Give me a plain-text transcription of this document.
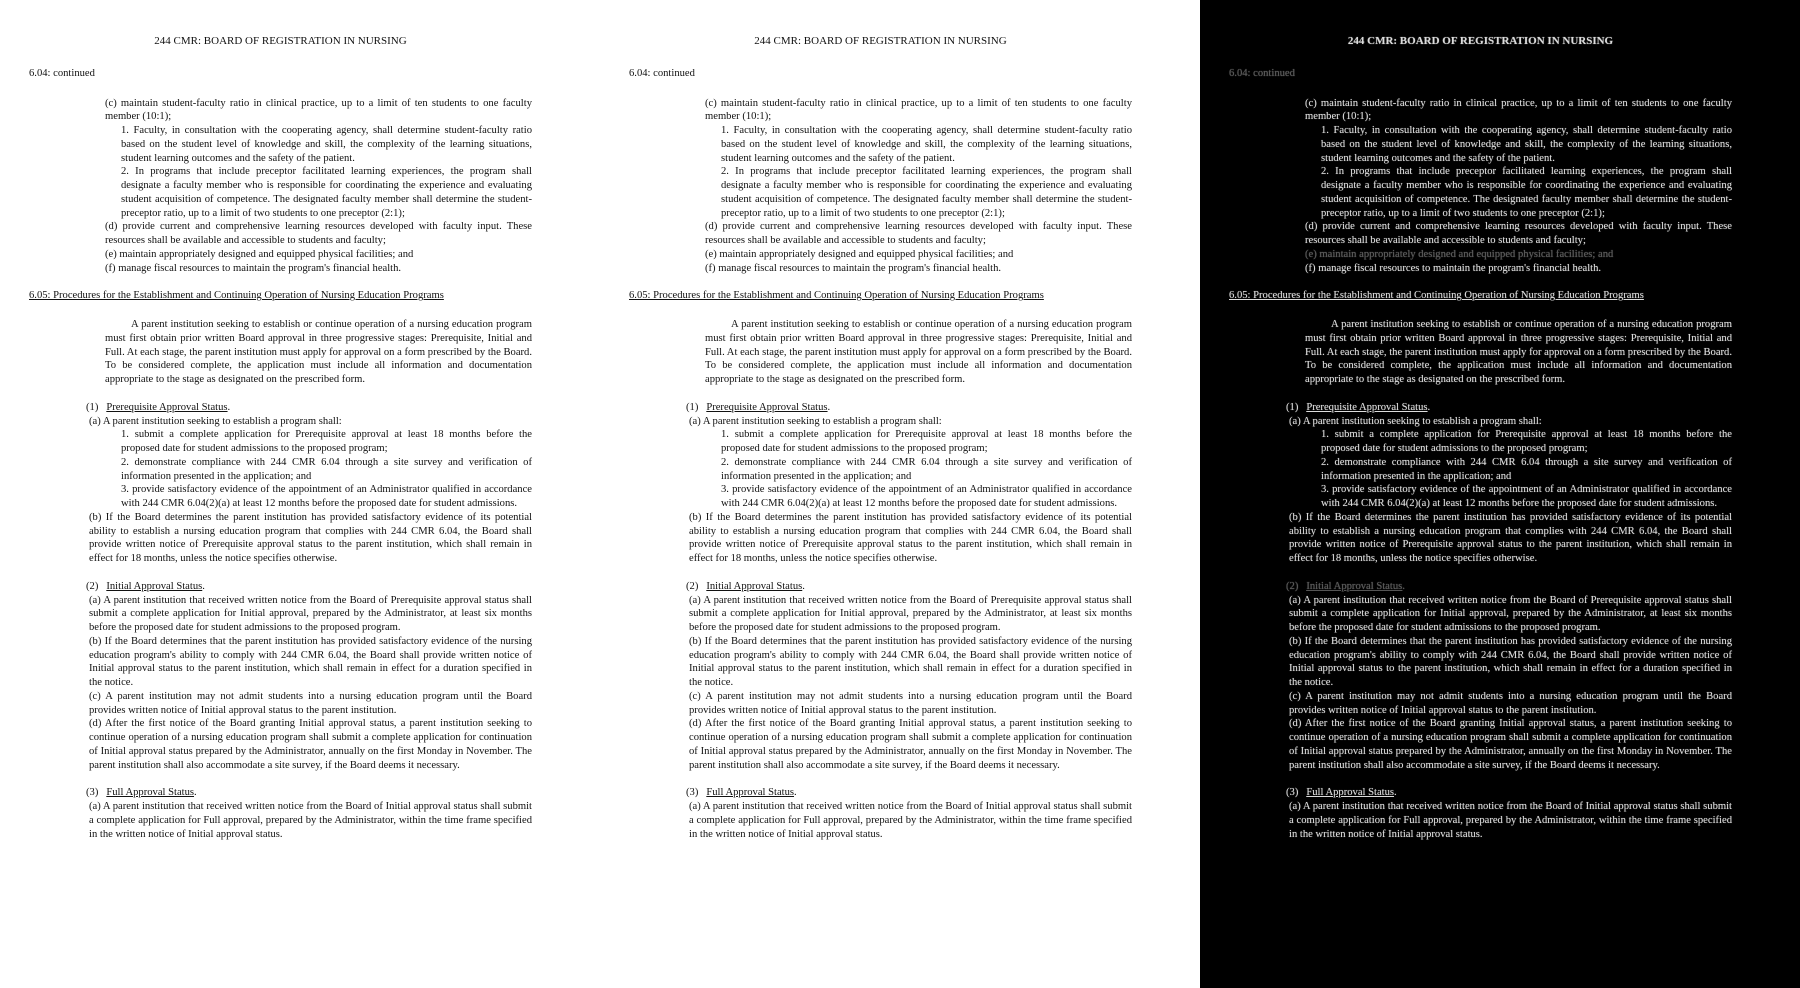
244 CMR: BOARD OF REGISTRATION IN NURSING
6.04: continued
(c) maintain student-faculty ratio in clinical practice, up to a limit of ten students to one faculty member (10:1);
1. Faculty, in consultation with the cooperating agency, shall determine student-faculty ratio based on the student level of knowledge and skill, the complexity of the learning situations, student learning outcomes and the safety of the patient.
2. In programs that include preceptor facilitated learning experiences, the program shall designate a faculty member who is responsible for coordinating the experience and evaluating student acquisition of competence. The designated faculty member shall determine the student-preceptor ratio, up to a limit of two students to one preceptor (2:1);
(d) provide current and comprehensive learning resources developed with faculty input. These resources shall be available and accessible to students and faculty;
(e) maintain appropriately designed and equipped physical facilities; and
(f) manage fiscal resources to maintain the program's financial health.
6.05: Procedures for the Establishment and Continuing Operation of Nursing Education Programs
A parent institution seeking to establish or continue operation of a nursing education program must first obtain prior written Board approval in three progressive stages: Prerequisite, Initial and Full. At each stage, the parent institution must apply for approval on a form prescribed by the Board. To be considered complete, the application must include all information and documentation appropriate to the stage as designated on the prescribed form.
(1) Prerequisite Approval Status.
(a) A parent institution seeking to establish a program shall:
1. submit a complete application for Prerequisite approval at least 18 months before the proposed date for student admissions to the proposed program;
2. demonstrate compliance with 244 CMR 6.04 through a site survey and verification of information presented in the application; and
3. provide satisfactory evidence of the appointment of an Administrator qualified in accordance with 244 CMR 6.04(2)(a) at least 12 months before the proposed date for student admissions.
(b) If the Board determines the parent institution has provided satisfactory evidence of its potential ability to establish a nursing education program that complies with 244 CMR 6.04, the Board shall provide written notice of Prerequisite approval status to the parent institution, which shall remain in effect for 18 months, unless the notice specifies otherwise.
(2) Initial Approval Status.
(a) A parent institution that received written notice from the Board of Prerequisite approval status shall submit a complete application for Initial approval, prepared by the Administrator, at least six months before the proposed date for student admissions to the proposed program.
(b) If the Board determines that the parent institution has provided satisfactory evidence of the nursing education program's ability to comply with 244 CMR 6.04, the Board shall provide written notice of Initial approval status to the parent institution, which shall remain in effect for a duration specified in the notice.
(c) A parent institution may not admit students into a nursing education program until the Board provides written notice of Initial approval status to the parent institution.
(d) After the first notice of the Board granting Initial approval status, a parent institution seeking to continue operation of a nursing education program shall submit a complete application for continuation of Initial approval status prepared by the Administrator, annually on the first Monday in November. The parent institution shall also accommodate a site survey, if the Board deems it necessary.
(3) Full Approval Status.
(a) A parent institution that received written notice from the Board of Initial approval status shall submit a complete application for Full approval, prepared by the Administrator, within the time frame specified in the written notice of Initial approval status.
244 CMR: BOARD OF REGISTRATION IN NURSING
6.04: continued
(c) maintain student-faculty ratio in clinical practice, up to a limit of ten students to one faculty member (10:1);
1. Faculty, in consultation with the cooperating agency, shall determine student-faculty ratio based on the student level of knowledge and skill, the complexity of the learning situations, student learning outcomes and the safety of the patient.
2. In programs that include preceptor facilitated learning experiences, the program shall designate a faculty member who is responsible for coordinating the experience and evaluating student acquisition of competence. The designated faculty member shall determine the student-preceptor ratio, up to a limit of two students to one preceptor (2:1);
(d) provide current and comprehensive learning resources developed with faculty input. These resources shall be available and accessible to students and faculty;
(e) maintain appropriately designed and equipped physical facilities; and
(f) manage fiscal resources to maintain the program's financial health.
6.05: Procedures for the Establishment and Continuing Operation of Nursing Education Programs
A parent institution seeking to establish or continue operation of a nursing education program must first obtain prior written Board approval in three progressive stages: Prerequisite, Initial and Full. At each stage, the parent institution must apply for approval on a form prescribed by the Board. To be considered complete, the application must include all information and documentation appropriate to the stage as designated on the prescribed form.
(1) Prerequisite Approval Status.
(a) A parent institution seeking to establish a program shall:
1. submit a complete application for Prerequisite approval at least 18 months before the proposed date for student admissions to the proposed program;
2. demonstrate compliance with 244 CMR 6.04 through a site survey and verification of information presented in the application; and
3. provide satisfactory evidence of the appointment of an Administrator qualified in accordance with 244 CMR 6.04(2)(a) at least 12 months before the proposed date for student admissions.
(b) If the Board determines the parent institution has provided satisfactory evidence of its potential ability to establish a nursing education program that complies with 244 CMR 6.04, the Board shall provide written notice of Prerequisite approval status to the parent institution, which shall remain in effect for 18 months, unless the notice specifies otherwise.
(2) Initial Approval Status.
(a) A parent institution that received written notice from the Board of Prerequisite approval status shall submit a complete application for Initial approval, prepared by the Administrator, at least six months before the proposed date for student admissions to the proposed program.
(b) If the Board determines that the parent institution has provided satisfactory evidence of the nursing education program's ability to comply with 244 CMR 6.04, the Board shall provide written notice of Initial approval status to the parent institution, which shall remain in effect for a duration specified in the notice.
(c) A parent institution may not admit students into a nursing education program until the Board provides written notice of Initial approval status to the parent institution.
(d) After the first notice of the Board granting Initial approval status, a parent institution seeking to continue operation of a nursing education program shall submit a complete application for continuation of Initial approval status prepared by the Administrator, annually on the first Monday in November. The parent institution shall also accommodate a site survey, if the Board deems it necessary.
(3) Full Approval Status.
(a) A parent institution that received written notice from the Board of Initial approval status shall submit a complete application for Full approval, prepared by the Administrator, within the time frame specified in the written notice of Initial approval status.
244 CMR: BOARD OF REGISTRATION IN NURSING
6.04: continued
(c) maintain student-faculty ratio in clinical practice, up to a limit of ten students to one faculty member (10:1);
1. Faculty, in consultation with the cooperating agency, shall determine student-faculty ratio based on the student level of knowledge and skill, the complexity of the learning situations, student learning outcomes and the safety of the patient.
2. In programs that include preceptor facilitated learning experiences, the program shall designate a faculty member who is responsible for coordinating the experience and evaluating student acquisition of competence. The designated faculty member shall determine the student-preceptor ratio, up to a limit of two students to one preceptor (2:1);
(d) provide current and comprehensive learning resources developed with faculty input. These resources shall be available and accessible to students and faculty;
(e) maintain appropriately designed and equipped physical facilities; and
(f) manage fiscal resources to maintain the program's financial health.
6.05: Procedures for the Establishment and Continuing Operation of Nursing Education Programs
A parent institution seeking to establish or continue operation of a nursing education program must first obtain prior written Board approval in three progressive stages: Prerequisite, Initial and Full. At each stage, the parent institution must apply for approval on a form prescribed by the Board. To be considered complete, the application must include all information and documentation appropriate to the stage as designated on the prescribed form.
(1) Prerequisite Approval Status.
(a) A parent institution seeking to establish a program shall:
1. submit a complete application for Prerequisite approval at least 18 months before the proposed date for student admissions to the proposed program;
2. demonstrate compliance with 244 CMR 6.04 through a site survey and verification of information presented in the application; and
3. provide satisfactory evidence of the appointment of an Administrator qualified in accordance with 244 CMR 6.04(2)(a) at least 12 months before the proposed date for student admissions.
(b) If the Board determines the parent institution has provided satisfactory evidence of its potential ability to establish a nursing education program that complies with 244 CMR 6.04, the Board shall provide written notice of Prerequisite approval status to the parent institution, which shall remain in effect for 18 months, unless the notice specifies otherwise.
(2) Initial Approval Status.
(a) A parent institution that received written notice from the Board of Prerequisite approval status shall submit a complete application for Initial approval, prepared by the Administrator, at least six months before the proposed date for student admissions to the proposed program.
(b) If the Board determines that the parent institution has provided satisfactory evidence of the nursing education program's ability to comply with 244 CMR 6.04, the Board shall provide written notice of Initial approval status to the parent institution, which shall remain in effect for a duration specified in the notice.
(c) A parent institution may not admit students into a nursing education program until the Board provides written notice of Initial approval status to the parent institution.
(d) After the first notice of the Board granting Initial approval status, a parent institution seeking to continue operation of a nursing education program shall submit a complete application for continuation of Initial approval status prepared by the Administrator, annually on the first Monday in November. The parent institution shall also accommodate a site survey, if the Board deems it necessary.
(3) Full Approval Status.
(a) A parent institution that received written notice from the Board of Initial approval status shall submit a complete application for Full approval, prepared by the Administrator, within the time frame specified in the written notice of Initial approval status.
